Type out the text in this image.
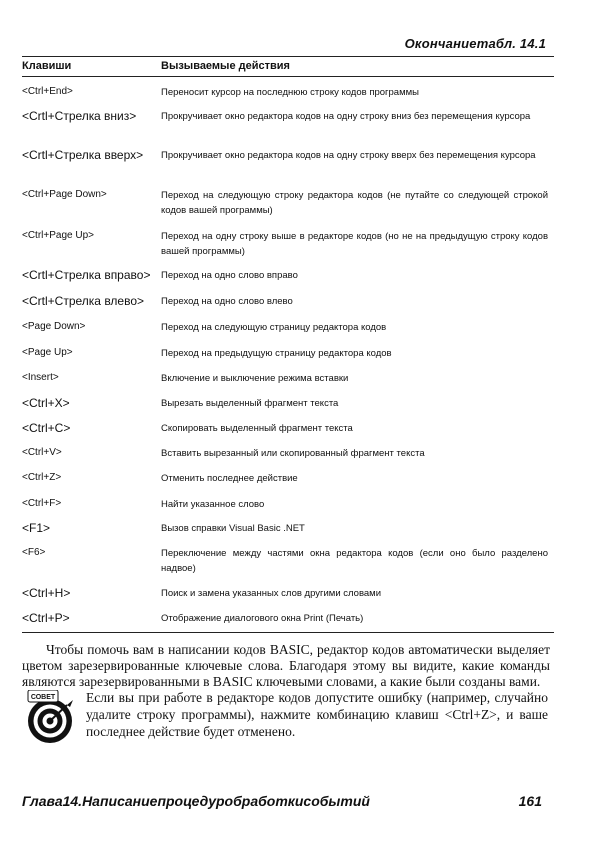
Окончаниетабл. 14.1
Клавиши	Вызываемые действия
<Ctrl+End>	Переносит курсор на последнюю строку кодов программы
<Crtl+Стрелкa вниз>	Прокручивает окно редактора кодов на одну строку вниз без перемещения курсора
<Crtl+Стрелка вверх>	Прокручивает окно редактора кодов на одну строку вверх без перемещения курсора
<Ctrl+Page Down>	Переход на следующую строку редактора кодов (не путайте со следующей строкой кодов вашей программы)
<Ctrl+Page Up>	Переход на одну строку выше в редакторе кодов (но не на предыдущую строку кодов вашей программы)
<Crtl+Стрелка вправо>	Переход на одно слово вправо
<Crtl+Стрелка влево>	Переход на одно слово влево
<Page Down>	Переход на следующую страницу редактора кодов
<Page Up>	Переход на предыдущую страницу редактора кодов
<Insert>	Включение и выключение режима вставки
<Ctrl+X>	Вырезать выделенный фрагмент текста
<Ctrl+C>	Скопировать выделенный фрагмент текста
<Ctrl+V>	Вставить вырезанный или скопированный фрагмент текста
<Ctrl+Z>	Отменить последнее действие
<Ctrl+F>	Найти указанное слово
<F1>	Вызов справки Visual Basic .NET
<F6>	Переключение между частями окна редактора кодов (если оно было разделено надвое)
<Ctrl+H>	Поиск и замена указанных слов другими словами
<Ctrl+P>	Отображение диалогового окна Print (Печать)

Чтобы помочь вам в написании кодов BASIC, редактор кодов автоматически выделяет цветом зарезервированные ключевые слова. Благодаря этому вы видите, какие команды являются зарезервированными в BASIC ключевыми словами, а какие были созданы вами.

СОВЕТ Если вы при работе в редакторе кодов допустите ошибку (например, случайно удалите строку программы), нажмите комбинацию клавиш <Ctrl+Z>, и ваше последнее действие будет отменено.

Глава14.Написаниепроцедуробработкисобытий	161
